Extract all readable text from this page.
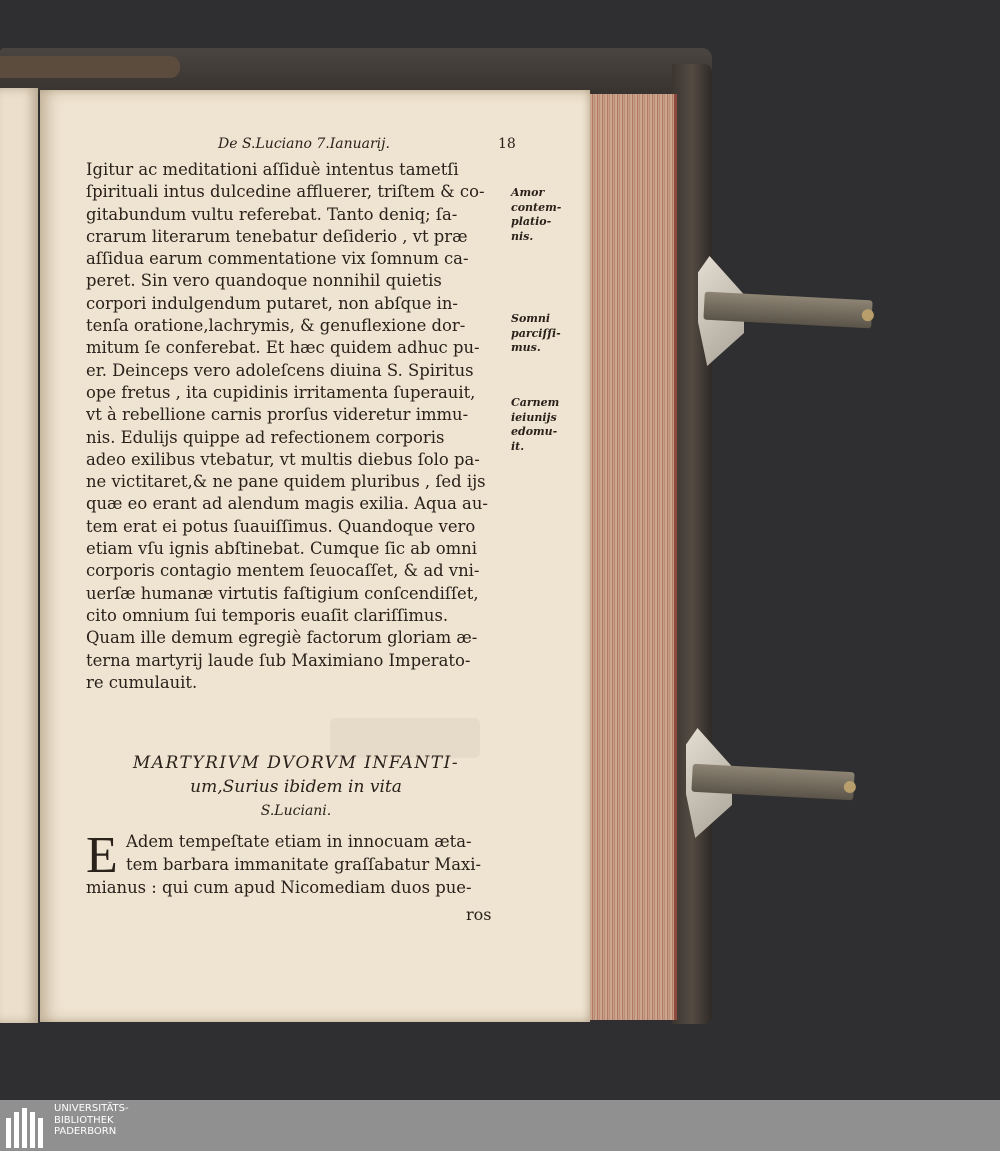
De S.Luciano 7.Ianuarij.	18
Igitur ac meditationi aſſiduè intentus tametſi
ſpirituali intus dulcedine affluerer, triſtem & co-
gitabundum vultu referebat. Tanto deniq; ſa-
crarum literarum tenebatur deſiderio , vt præ
aſſidua earum commentatione vix ſomnum ca-
peret. Sin vero quandoque nonnihil quietis
corpori indulgendum putaret, non abſque in-
tenſa oratione,lachrymis, & genuflexione dor-
mitum ſe conferebat. Et hæc quidem adhuc pu-
er. Deinceps vero adoleſcens diuina S. Spiritus
ope fretus , ita cupidinis irritamenta ſuperauit,
vt à rebellione carnis prorſus videretur immu-
nis. Edulijs quippe ad refectionem corporis
adeo exilibus vtebatur, vt multis diebus ſolo pa-
ne victitaret,& ne pane quidem pluribus , ſed ijs
quæ eo erant ad alendum magis exilia. Aqua au-
tem erat ei potus ſuauiſſimus. Quandoque vero
etiam vſu ignis abſtinebat. Cumque ſic ab omni
corporis contagio mentem ſeuocaſſet, & ad vni-
uerſæ humanæ virtutis faſtigium conſcendiſſet,
cito omnium ſui temporis euaſit clariſſimus.
Quam ille demum egregiè factorum gloriam æ-
terna martyrij laude ſub Maximiano Imperato-
re cumulauit.
Amor
contem-
platio-
nis.
Somni
parciſſi-
mus.
Carnem
ieiunijs
edomu-
it.
MARTYRIVM DVORVM INFANTI-
um,Surius ibidem in vita
S.Luciani.
E Adem tempeſtate etiam in innocuam æta-
tem barbara immanitate graſſabatur Maxi-
mianus : qui cum apud Nicomediam duos pue-
ros
UNIVERSITÄTS-
BIBLIOTHEK
PADERBORN
